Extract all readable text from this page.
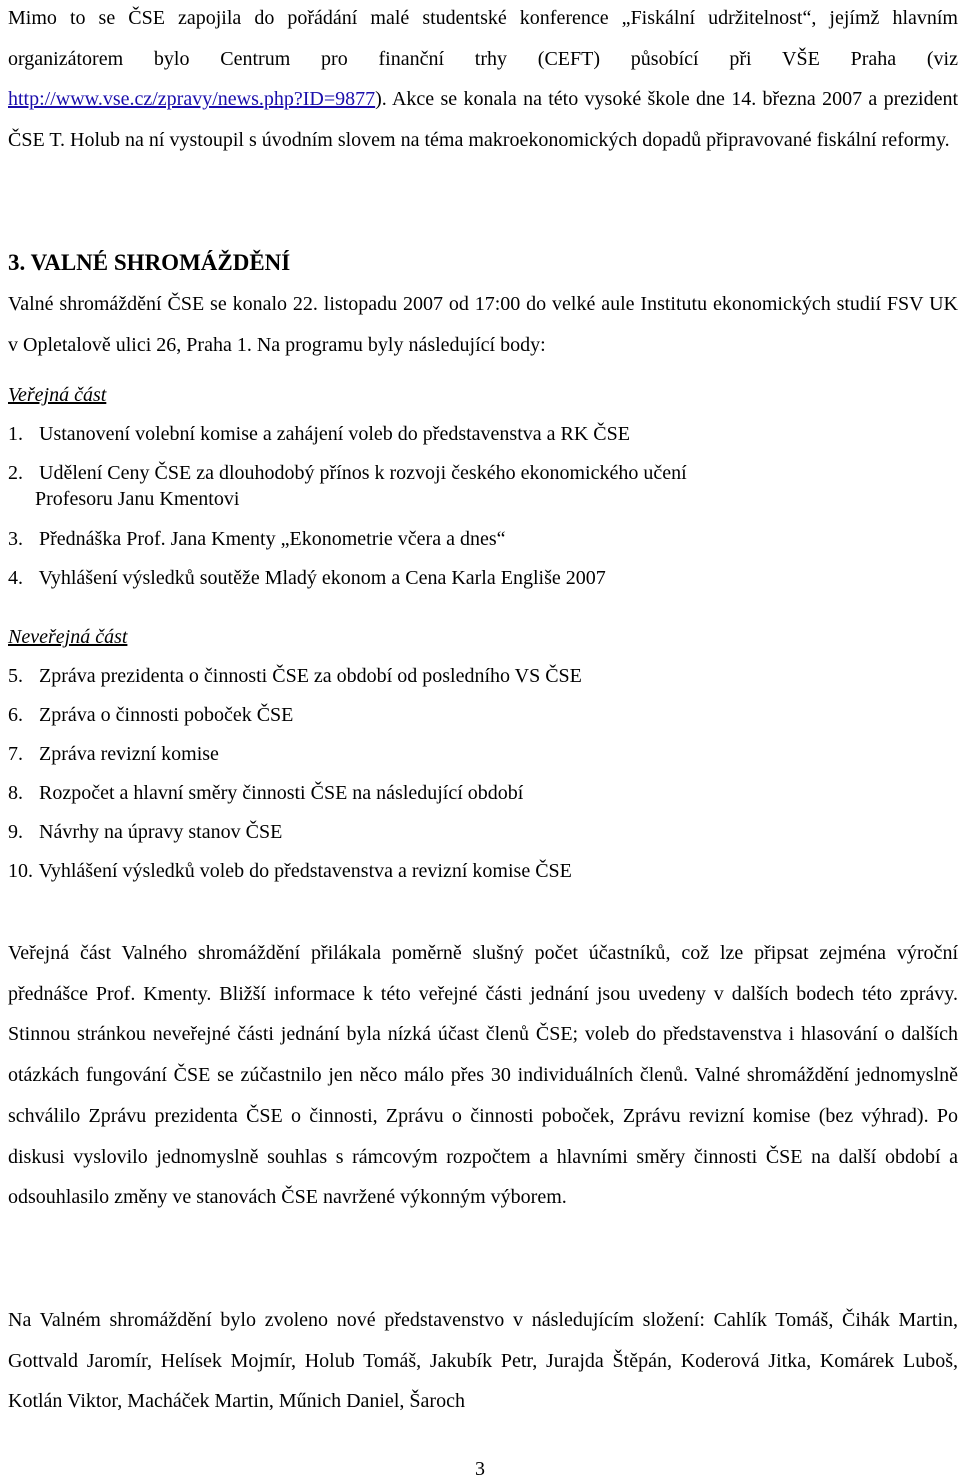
Mimo to se ČSE zapojila do pořádání malé studentské konference „Fiskální udržitelnost“, jejímž hlavním organizátorem bylo Centrum pro finanční trhy (CEFT) působící při VŠE Praha (viz http://www.vse.cz/zpravy/news.php?ID=9877). Akce se konala na této vysoké škole dne 14. března 2007 a prezident ČSE T. Holub na ní vystoupil s úvodním slovem na téma makroekonomických dopadů připravované fiskální reformy.

3. VALNÉ SHROMÁŽDĚNÍ

Valné shromáždění ČSE se konalo 22. listopadu 2007 od 17:00 do velké aule Institutu ekonomických studií FSV UK v Opletalově ulici 26, Praha 1. Na programu byly následující body:

Veřejná část

1. Ustanovení volební komise a zahájení voleb do představenstva a RK ČSE

2. Udělení Ceny ČSE za dlouhodobý přínos k rozvoji českého ekonomického učení
Profesoru Janu Kmentovi

3. Přednáška Prof. Jana Kmenty „Ekonometrie včera a dnes“

4. Vyhlášení výsledků soutěže Mladý ekonom a Cena Karla Engliše 2007

Neveřejná část

5. Zpráva prezidenta o činnosti ČSE za období od posledního VS ČSE

6. Zpráva o činnosti poboček ČSE

7. Zpráva revizní komise

8. Rozpočet a hlavní směry činnosti ČSE na následující období

9. Návrhy na úpravy stanov ČSE

10. Vyhlášení výsledků voleb do představenstva a revizní komise ČSE

Veřejná část Valného shromáždění přilákala poměrně slušný počet účastníků, což lze připsat zejména výroční přednášce Prof. Kmenty. Bližší informace k této veřejné části jednání jsou uvedeny v dalších bodech této zprávy. Stinnou stránkou neveřejné části jednání byla nízká účast členů ČSE; voleb do představenstva i hlasování o dalších otázkách fungování ČSE se zúčastnilo jen něco málo přes 30 individuálních členů. Valné shromáždění jednomyslně schválilo Zprávu prezidenta ČSE o činnosti, Zprávu o činnosti poboček, Zprávu revizní komise (bez výhrad). Po diskusi vyslovilo jednomyslně souhlas s rámcovým rozpočtem a hlavními směry činnosti ČSE na další období a odsouhlasilo změny ve stanovách ČSE navržené výkonným výborem.

Na Valném shromáždění bylo zvoleno nové představenstvo v následujícím složení: Cahlík Tomáš, Čihák Martin, Gottvald Jaromír, Helísek Mojmír, Holub Tomáš, Jakubík Petr, Jurajda Štěpán, Koderová Jitka, Komárek Luboš, Kotlán Viktor, Macháček Martin, Műnich Daniel, Šaroch

3
